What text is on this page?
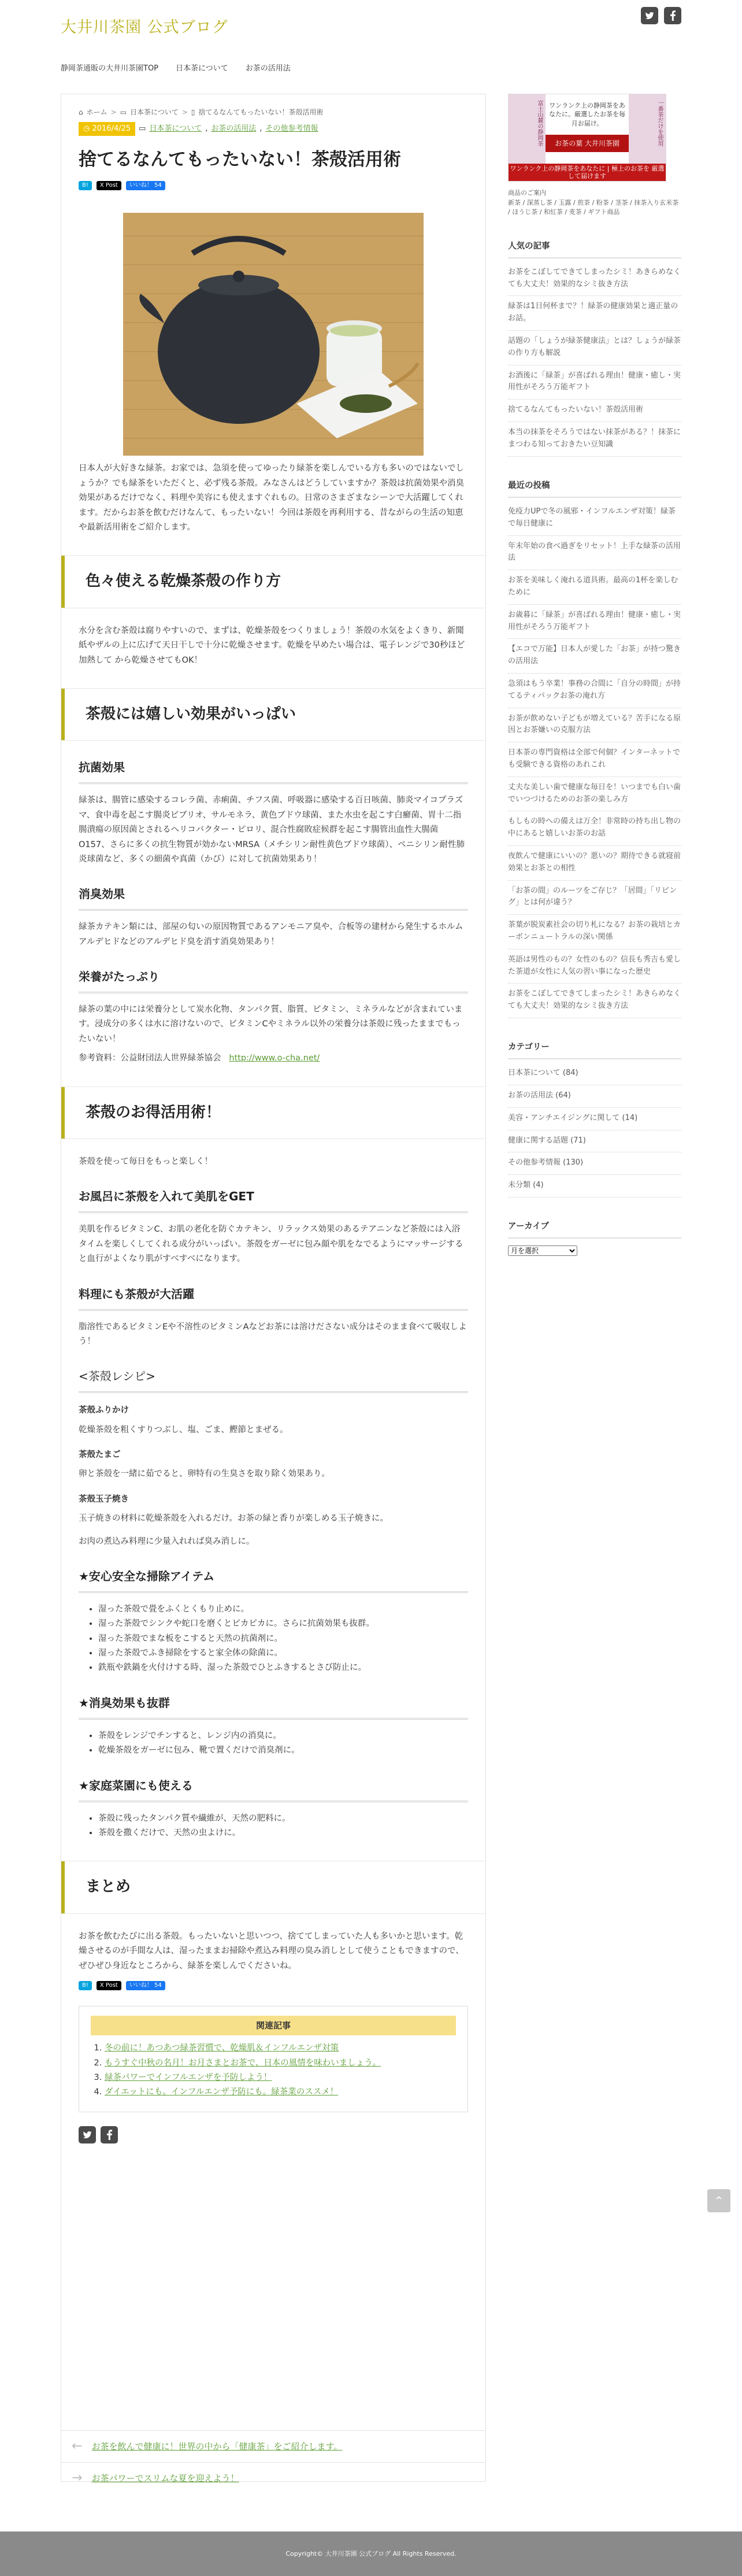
大井川茶園 公式ブログ
静岡茶通販の大井川茶園TOP 日本茶について お茶の活用法
⌂ ホーム > ▭ 日本茶について > ▯ 捨てるなんてもったいない！茶殻活用術
◷ 2016/4/25	▭ 日本茶について , お茶の活用法 , その他参考情報
捨てるなんてもったいない！茶殻活用術
B!	X Post	いいね！ 54
日本人が大好きな緑茶。お家では、急須を使ってゆったり緑茶を楽しんでいる方も多いのではないでしょうか？でも緑茶をいただくと、必ず残る茶殻。みなさんはどうしていますか？茶殻は抗菌効果や消臭効果があるだけでなく、料理や美容にも使えますぐれもの。日常のさまざまなシーンで大活躍してくれます。だからお茶を飲むだけなんて、もったいない！今回は茶殻を再利用する、昔ながらの生活の知恵や最新活用術をご紹介します。
色々使える乾燥茶殻の作り方
水分を含む茶殻は腐りやすいので、まずは、乾燥茶殻をつくりましょう！茶殻の水気をよくきり、新聞紙やザルの上に広げて天日干しで十分に乾燥させます。乾燥を早めたい場合は、電子レンジで30秒ほど加熱して から乾燥させてもOK！
茶殻には嬉しい効果がいっぱい
抗菌効果
緑茶は、腸管に感染するコレラ菌、赤痢菌、チフス菌、呼吸器に感染する百日咳菌、肺炎マイコプラズマ、食中毒を起こす腸炎ビブリオ、サルモネラ、黄色ブドウ球菌、また水虫を起こす白癬菌、胃十二指腸潰瘍の原因菌とされるヘリコバクター・ピロリ、混合性腐敗症候群を起こす腸管出血性大腸菌O157、さらに多くの抗生物質が効かないMRSA（メチシリン耐性黄色ブドウ球菌）、ペニシリン耐性肺炎球菌など、多くの細菌や真菌（かび）に対して抗菌効果あり！
消臭効果
緑茶カテキン類には、部屋の匂いの原因物質であるアンモニア臭や、合板等の建材から発生するホルムアルデヒドなどのアルデヒド臭を消す消臭効果あり！
栄養がたっぷり
緑茶の葉の中には栄養分として炭水化物、タンパク質、脂質、ビタミン、ミネラルなどが含まれています。浸成分の多くは水に溶けないので、ビタミンCやミネラル以外の栄養分は茶殻に残ったままでもったいない！
参考資料：公益財団法人世界緑茶協会 http://www.o-cha.net/
茶殻のお得活用術！
茶殻を使って毎日をもっと楽しく！
お風呂に茶殻を入れて美肌をGET
美肌を作るビタミンC、お肌の老化を防ぐカテキン、リラックス効果のあるテアニンなど茶殻には入浴タイムを楽しくしてくれる成分がいっぱい。茶殻をガーゼに包み顔や肌をなでるようにマッサージすると血行がよくなり肌がすべすべになります。
料理にも茶殻が大活躍
脂溶性であるビタミンEや不溶性のビタミンAなどお茶には溶けださない成分はそのまま食べて吸収しよう！
<茶殻レシピ>
茶殻ふりかけ
乾燥茶殻を粗くすりつぶし、塩、ごま、鰹節とまぜる。
茶殻たまご
卵と茶殻を一緒に茹でると、卵特有の生臭さを取り除く効果あり。
茶殻玉子焼き
玉子焼きの材料に乾燥茶殻を入れるだけ。お茶の緑と香りが楽しめる玉子焼きに。
お肉の煮込み料理に少量入れれば臭み消しに。
★安心安全な掃除アイテム
• 湿った茶殻で畳をふくとくもり止めに。
• 湿った茶殻でシンクや蛇口を磨くとピカピカに。さらに抗菌効果も抜群。
• 湿った茶殻でまな板をこすると天然の抗菌剤に。
• 湿った茶殻でふき掃除をすると家全体の除菌に。
• 鉄瓶や鉄鍋を火付けする時、湿った茶殻でひとふきするとさび防止に。
★消臭効果も抜群
• 茶殻をレンジでチンすると、レンジ内の消臭に。
• 乾燥茶殻をガーゼに包み、靴で置くだけで消臭剤に。
★家庭菜園にも使える
• 茶殻に残ったタンパク質や繊維が、天然の肥料に。
• 茶殻を撒くだけで、天然の虫よけに。
まとめ
お茶を飲むたびに出る茶殻。もったいないと思いつつ、捨ててしまっていた人も多いかと思います。乾燥させるのが手間な人は、湿ったままお掃除や煮込み料理の臭み消しとして使うこともできますので、ぜひぜひ身近なところから、緑茶を楽しんでくださいね。
B!	X Post	いいね！ 54
関連記事
1. 冬の前に！あつあつ緑茶習慣で、乾燥肌＆インフルエンザ対策
2. もうすぐ中秋の名月！お月さまとお茶で、日本の風情を味わいましょう。
3. 緑茶パワーでインフルエンザを予防しよう！
4. ダイエットにも。インフルエンザ予防にも。緑茶業のススメ！
← お茶を飲んで健康に！世界の中から「健康茶」をご紹介します。
→ お茶パワーでスリムな夏を迎えよう！
ワンランク上の静岡茶をあなたに。厳選したお茶を毎月お届け。
お茶の葉 大井川茶園
ワンランク上の静岡茶をあなたに | 極上のお茶を 厳選して届けます
富士山麓の静岡茶	一番茶だけを使用
商品のご案内
新茶 / 深蒸し茶 / 玉露 / 煎茶 / 粉茶 / 茎茶 / 抹茶入り玄米茶 / ほうじ茶 / 和紅茶 / 麦茶 / ギフト商品
人気の記事
お茶をこぼしてできてしまったシミ！あきらめなくても大丈夫！効果的なシミ抜き方法
緑茶は1日何杯まで？！緑茶の健康効果と適正量のお話。
話題の「しょうが緑茶健康法」とは？しょうが緑茶の作り方も解説
お酒後に「緑茶」が喜ばれる理由！健康・癒し・実用性がそろう万能ギフト
捨てるなんてもったいない！茶殻活用術
本当の抹茶をそろうではない抹茶がある？！抹茶にまつわる知っておきたい豆知識
最近の投稿
免疫力UPで冬の風邪・インフルエンザ対策！緑茶で毎日健康に
年末年始の食べ過ぎをリセット！上手な緑茶の活用法
お茶を美味しく淹れる道具術。最高の1杯を楽しむために
お歳暮に「緑茶」が喜ばれる理由！健康・癒し・実用性がそろう万能ギフト
【エコで万能】日本人が愛した「お茶」が持つ驚きの活用法
急須はもう卒業！事務の合間に「自分の時間」が持てるティパックお茶の淹れ方
お茶が飲めない子どもが増えている？苦手になる原因とお茶嫌いの克服方法
日本茶の専門資格は全部で何個？インターネットでも受験できる資格のあれこれ
丈夫な美しい歯で健康な毎日を！いつまでも白い歯でいつづけるためのお茶の楽しみ方
もしもの時への備えは万全！非常時の持ち出し物の中にあると嬉しいお茶のお話
夜飲んで健康にいいの？悪いの？期待できる就寝前効果とお茶との相性
「お茶の間」のルーツをご存じ？「居間」「リビング」とは何が違う？
茶葉が脱炭素社会の切り札になる？お茶の栽培とカーボンニュートラルの深い関係
英語は男性のもの？女性のもの？信長も秀吉も愛した茶道が女性に人気の習い事になった歴史
お茶をこぼしてできてしまったシミ！あきらめなくても大丈夫！効果的なシミ抜き方法
カテゴリー
日本茶について (84)
お茶の活用法 (64)
美容・アンチエイジングに関して (14)
健康に関する話題 (71)
その他参考情報 (130)
未分類 (4)
アーカイブ
月を選択
⌃
Copyright© 大井川茶園 公式ブログ All Rights Reserved.
